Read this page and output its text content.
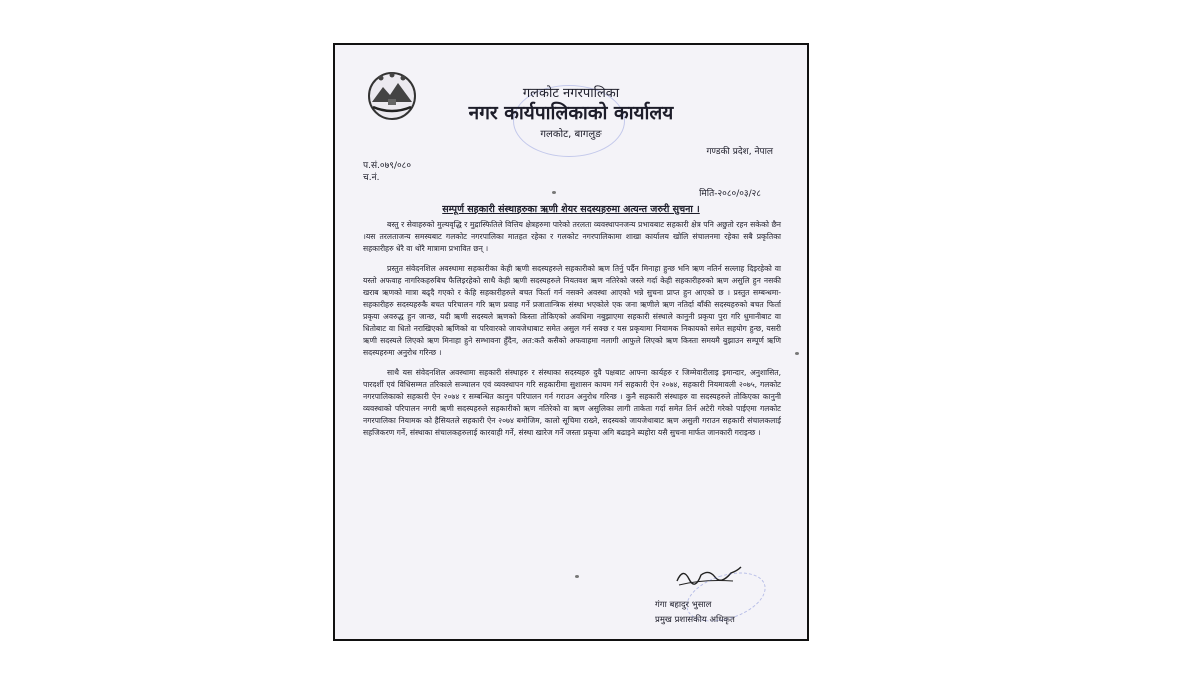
गलकोट नगरपालिका
नगर कार्यपालिकाको कार्यालय
गलकोट, बागलुङ
गण्डकी प्रदेश, नेपाल
प.सं.०७९/०८०
च.नं.
मिति-२०८०/०३/२८
सम्पूर्ण सहकारी संस्थाहरुका ऋणी शेयर सदस्यहरुमा अत्यन्त जरुरी सुचना ।

बस्तु र सेवाहरुको मुल्यवृद्धि र मुद्रास्फितिले वित्तिय क्षेत्रहरुमा पारेको तरलता व्यवस्थापनजन्य प्रभावबाट सहकारी क्षेत्र पनि अछुतो रहन सकेको छैन ।यस तरलताजन्य समस्यबाट गलकोट नगरपालिका मातहत रहेका र गलकोट नगरपालिकामा शाखा कार्यालय खोलि संचालनमा रहेका सबै प्रकृतिका सहकारीहरु धेरै वा थोरै मात्रामा प्रभावित छन् ।

प्रस्तुत संवेदनशिल अवस्थामा सहकारीका केही ऋणी सदस्यहरुले सहकारीको ऋण तिर्नु पर्दैन मिनाहा हुन्छ भनि ऋण नतिर्न सल्लाह दिइरहेको वा यस्तो अफवाह नागरिकहरुबिच फैलिइरहेको साथै केही ऋणी सदस्यहरुले नियतवश ऋण नतिरेको जस्ले गर्दा केही सहकारीहरुको ऋण असुलि हुन नसकी खराब ऋणको मात्रा बढ्दै गएको र केहि सहकारीहरुले बचत फिर्ता गर्न नसक्ने अवस्था आएको भन्ने सुचना प्राप्त हुन आएको छ । प्रस्तुत सम्बन्धमा-सहकारीहरु सदस्यहरुकै बचत परिचालन गरि ऋण प्रवाह गर्ने प्रजातान्त्रिक संस्था भएकोले एक जना ऋणीले ऋण नतिर्दा बाँकी सदस्यहरुको बचत फिर्ता प्रकृया अवरुद्ध हुन जान्छ, यदी ऋणी सदस्यले ऋणको किस्ता तोकिएको अवधिमा नबुझाएमा सहकारी संस्थाले कानुनी प्रकृया पुरा गरि धुमानीबाट वा धितोबाट वा धितो नराखिएको ऋणिको वा परिवारको जायजेथाबाट समेत असुल गर्न सक्छ र यस प्रकृयामा नियामक निकायको समेत सहयोग हुन्छ, यसरी ऋणी सदस्यले लिएको ऋण मिनाहा हुने सम्भावना हुँदैन, अत:कतै कसैको अफवाहमा नलागी आफुले लिएको ऋण किस्ता समयमै बुझाउन सम्पूर्ण ऋणि सदस्यहरुमा अनुरोध गरिन्छ ।

साथै यस संवेदनशिल अवस्थामा सहकारी संस्थाहरु र संस्थाका सदस्यहरु दुवै पक्षबाट आफ्ना कार्यहरु र जिम्मेवारीलाइ इमान्दार, अनुशासित, पारदर्शी एवं विधिसम्मत तरिकाले सञ्चालन एवं व्यवस्थापन गरि सहकारीमा सुशासन कायम गर्न सहकारी ऐन २०७४, सहकारी नियमावली २०७५, गलकोट नगरपालिकाको सहकारी ऐन २०७४ र सम्बन्धित कानुन परिपालन गर्न गराउन अनुरोध गरिन्छ । कुनै सहकारी संस्थाहरु वा सदस्यहरुले तोकिएका कानुनी व्यवस्थाको परिपालन नगरी ऋणी सदस्यहरुले सहकारीको ऋण नतिरेको वा ऋण असुलिका लागी ताकेता गर्दा समेत तिर्न अटेरी गरेको पाईएमा गलकोट नगरपालिका नियामक को हैसियतले सहकारी ऐन २०७४ बमोजिम, कालो सूचिमा राख्ने, सदस्यको जायजेथाबाट ऋण असुली गराउन सहकारी संचालकलाई सहजिकरण गर्ने, संस्थाका संचालकहरुलाई कारवाही गर्ने, संस्था खारेज गर्ने जस्ता प्रकृया अगि बढाइने ब्यहोरा यसै सुचना मार्फत जानकारी गराइन्छ ।

गंगा बहादुर भुसाल
प्रमुख प्रशासकीय अधिकृत
